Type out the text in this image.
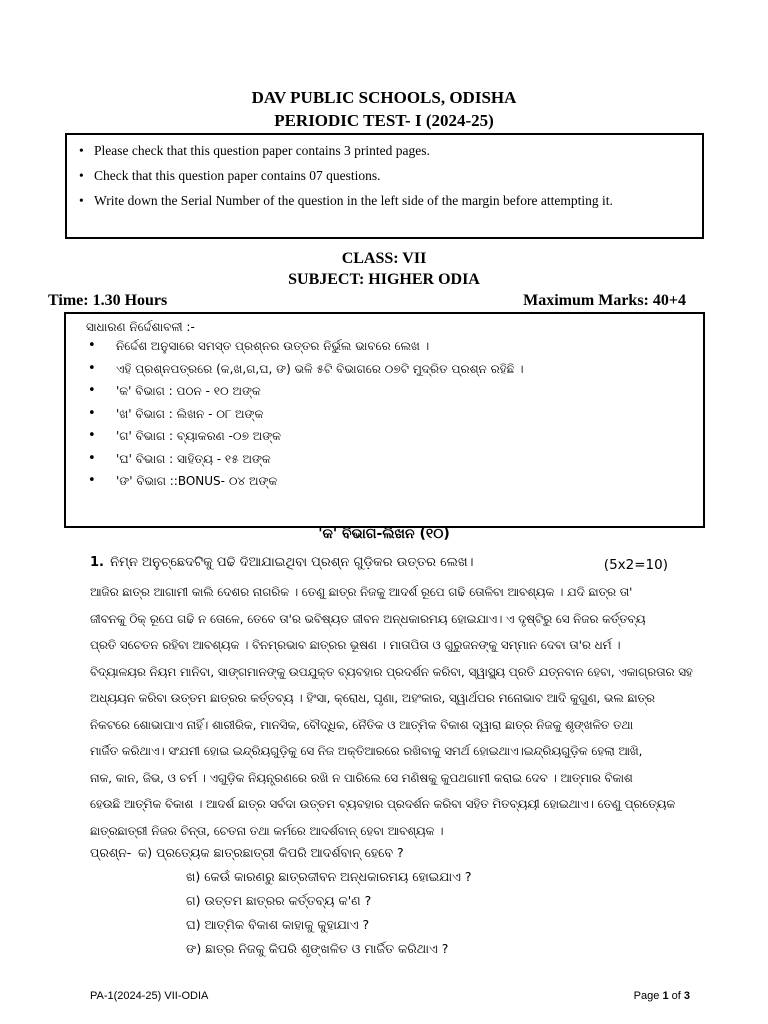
DAV PUBLIC SCHOOLS, ODISHA
PERIODIC TEST- I (2024-25)
• Please check that this question paper contains 3 printed pages.
• Check that this question paper contains 07 questions.
• Write down the Serial Number of the question in the left side of the margin before attempting it.
CLASS: VII
SUBJECT: HIGHER ODIA
Time: 1.30 Hours	Maximum Marks: 40+4
ସାଧାରଣ ନିର୍ଦ୍ଦେଶାବଳୀ :-
• ନିର୍ଦ୍ଦେଶ ଅନୁସାରେ ସମସ୍ତ ପ୍ରଶ୍ନର ଉତ୍ତର ନିର୍ଭୁଲ ଭାବରେ ଲେଖ ।
• ଏହି ପ୍ରଶ୍ନପତ୍ରରେ (କ,ଖ,ଗ,ଘ, ଙ) ଭଳି ୫ଟି ବିଭାଗରେ ୦୭ଟି ମୁଦ୍ରିତ ପ୍ରଶ୍ନ ରହିଛି ।
• 'କ' ବିଭାଗ : ପଠନ - ୧୦ ଅଙ୍କ
• 'ଖ' ବିଭାଗ : ଲିଖନ - ୦୮ ଅଙ୍କ
• 'ଗ' ବିଭାଗ : ବ୍ୟାକରଣ -୦୭ ଅଙ୍କ
• 'ଘ' ବିଭାଗ : ସାହିତ୍ୟ - ୧୫ ଅଙ୍କ
• 'ଙ' ବିଭାଗ ::BONUS- ୦୪ ଅଙ୍କ
'କ' ବିଭାଗ-ଲିଖନ (୧୦)
1. ନିମ୍ନ ଅନୁଚ୍ଛେଦଟିକୁ ପଢି ଦିଆଯାଇଥିବା ପ୍ରଶ୍ନ ଗୁଡ଼ିକର ଉତ୍ତର ଲେଖ।	(5x2=10)
ଆଜିର ଛାତ୍ର ଆଗାମୀ କାଲି ଦେଶର ନାଗରିକ । ତେଣୁ ଛାତ୍ର ନିଜକୁ ଆଦର୍ଶ ରୂପେ ଗଢି ତୋଳିବା ଆବଶ୍ୟକ । ଯଦି ଛାତ୍ର ତା'
ଜୀବନକୁ ଠିକ୍ ରୂପେ ଗଢି ନ ତୋଳେ, ତେବେ ତା'ର ଭବିଷ୍ୟତ ଜୀବନ ଅନ୍ଧକାରମୟ ହୋଇଯାଏ। ଏ ଦୃଷ୍ଟିରୁ ସେ ନିଜର କର୍ତ୍ତବ୍ୟ
ପ୍ରତି ସଚେତନ ରହିବା ଆବଶ୍ୟକ । ବିନମ୍ରଭାବ ଛାତ୍ରର ଭୂଷଣ । ମାତାପିତା ଓ ଗୁରୁଜନଙ୍କୁ ସମ୍ମାନ ଦେବା ତା'ର ଧର୍ମ ।
ବିଦ୍ୟାଳୟର ନିୟମ ମାନିବା, ସାଙ୍ଗମାନଙ୍କୁ ଉପଯୁକ୍ତ ବ୍ୟବହାର ପ୍ରଦର୍ଶନ କରିବା, ସ୍ୱାସ୍ଥ୍ୟ ପ୍ରତି ଯତ୍ନବାନ ହେବା, ଏକାଗ୍ରତାର ସହ
ଅଧ୍ୟୟନ କରିବା ଉତ୍ତମ ଛାତ୍ରର କର୍ତ୍ତବ୍ୟ । ହିଂସା, କ୍ରୋଧ, ଘୃଣା, ଅହଂକାର, ସ୍ୱାର୍ଥପର ମନୋଭାବ ଆଦି କୁଗୁଣ, ଭଲ ଛାତ୍ର
ନିକଟରେ ଶୋଭାପାଏ ନାହିଁ। ଶାରୀରିକ, ମାନସିକ, ବୌଦ୍ଧିକ, ନୈତିକ ଓ ଆତ୍ମିକ ବିକାଶ ଦ୍ୱାରା ଛାତ୍ର ନିଜକୁ ଶୃଙ୍ଖଳିତ ତଥା
ମାର୍ଜିତ କରିଥାଏ। ସଂଯମୀ ହୋଇ ଇନ୍ଦ୍ରିୟଗୁଡ଼ିକୁ ସେ ନିଜ ଅକ୍ତିଆରରେ ରଖିବାକୁ ସମର୍ଥ ହୋଇଥାଏ।ଇନ୍ଦ୍ରିୟଗୁଡ଼ିକ ହେଲା ଆଖି,
ନାକ, କାନ, ଜିଭ, ଓ ଚର୍ମ । ଏଗୁଡ଼ିକ ନିୟନ୍ତ୍ରଣରେ ରଖି ନ ପାରିଲେ ସେ ମଣିଷକୁ କୁପଥଗାମୀ କରାଇ ଦେବ । ଆତ୍ମାର ବିକାଶ
ହେଉଛି ଆତ୍ମିକ ବିକାଶ । ଆଦର୍ଶ ଛାତ୍ର ସର୍ବଦା ଉତ୍ତମ ବ୍ୟବହାର ପ୍ରଦର୍ଶନ କରିବା ସହିତ ମିତବ୍ୟୟୀ ହୋଇଥାଏ। ତେଣୁ ପ୍ରତ୍ୟେକ
ଛାତ୍ରଛାତ୍ରୀ ନିଜର ଚିନ୍ତା, ଚେତନା ତଥା କର୍ମରେ ଆଦର୍ଶବାନ୍ ହେବା ଆବଶ୍ୟକ ।
ପ୍ରଶ୍ନ- କ) ପ୍ରତ୍ୟେକ ଛାତ୍ରଛାତ୍ରୀ କିପରି ଆଦର୍ଶବାନ୍ ହେବେ ?
ଖ) କେଉଁ କାରଣରୁ ଛାତ୍ରଜୀବନ ଅନ୍ଧକାରମୟ ହୋଇଯାଏ ?
ଗ) ଉତ୍ତମ ଛାତ୍ରର କର୍ତ୍ତବ୍ୟ କ'ଣ ?
ଘ) ଆତ୍ମିକ ବିକାଶ କାହାକୁ କୁହାଯାଏ ?
ଙ) ଛାତ୍ର ନିଜକୁ କିପରି ଶୃଙ୍ଖଳିତ ଓ ମାର୍ଜିତ କରିଥାଏ ?
PA-1(2024-25) VII-ODIA	Page 1 of 3
